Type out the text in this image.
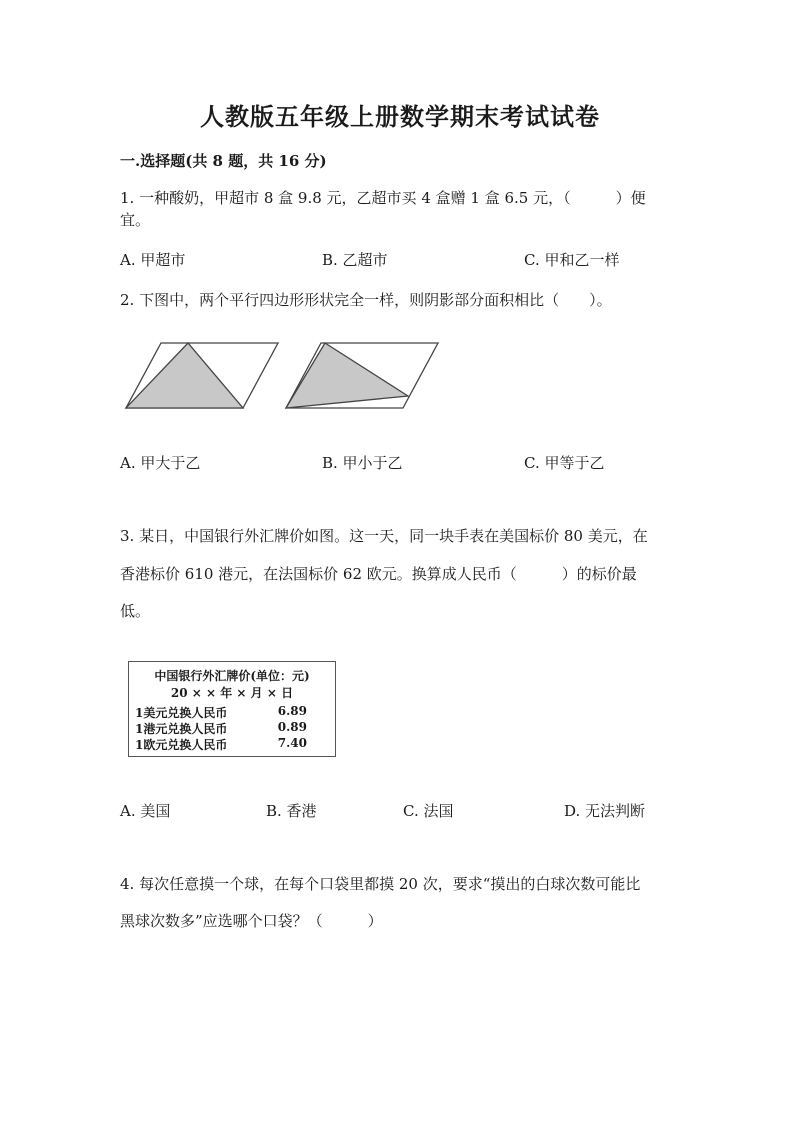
人教版五年级上册数学期末考试试卷
一.选择题(共 8 题，共 16 分)
1. 一种酸奶，甲超市 8 盒 9.8 元，乙超市买 4 盒赠 1 盒 6.5 元，（　　　）便
宜。
A. 甲超市	B. 乙超市	C. 甲和乙一样
2. 下图中，两个平行四边形形状完全一样，则阴影部分面积相比（　　）。
A. 甲大于乙	B. 甲小于乙	C. 甲等于乙
3. 某日，中国银行外汇牌价如图。这一天，同一块手表在美国标价 80 美元，在
香港标价 610 港元，在法国标价 62 欧元。换算成人民币（　　　）的标价最
低。
中国银行外汇牌价(单位：元)
20 × × 年 × 月 × 日
1美元兑换人民币	6.89
1港元兑换人民币	0.89
1欧元兑换人民币	7.40
A. 美国	B. 香港	C. 法国	D. 无法判断
4. 每次任意摸一个球，在每个口袋里都摸 20 次，要求“摸出的白球次数可能比
黑球次数多”应选哪个口袋？（　　　）
